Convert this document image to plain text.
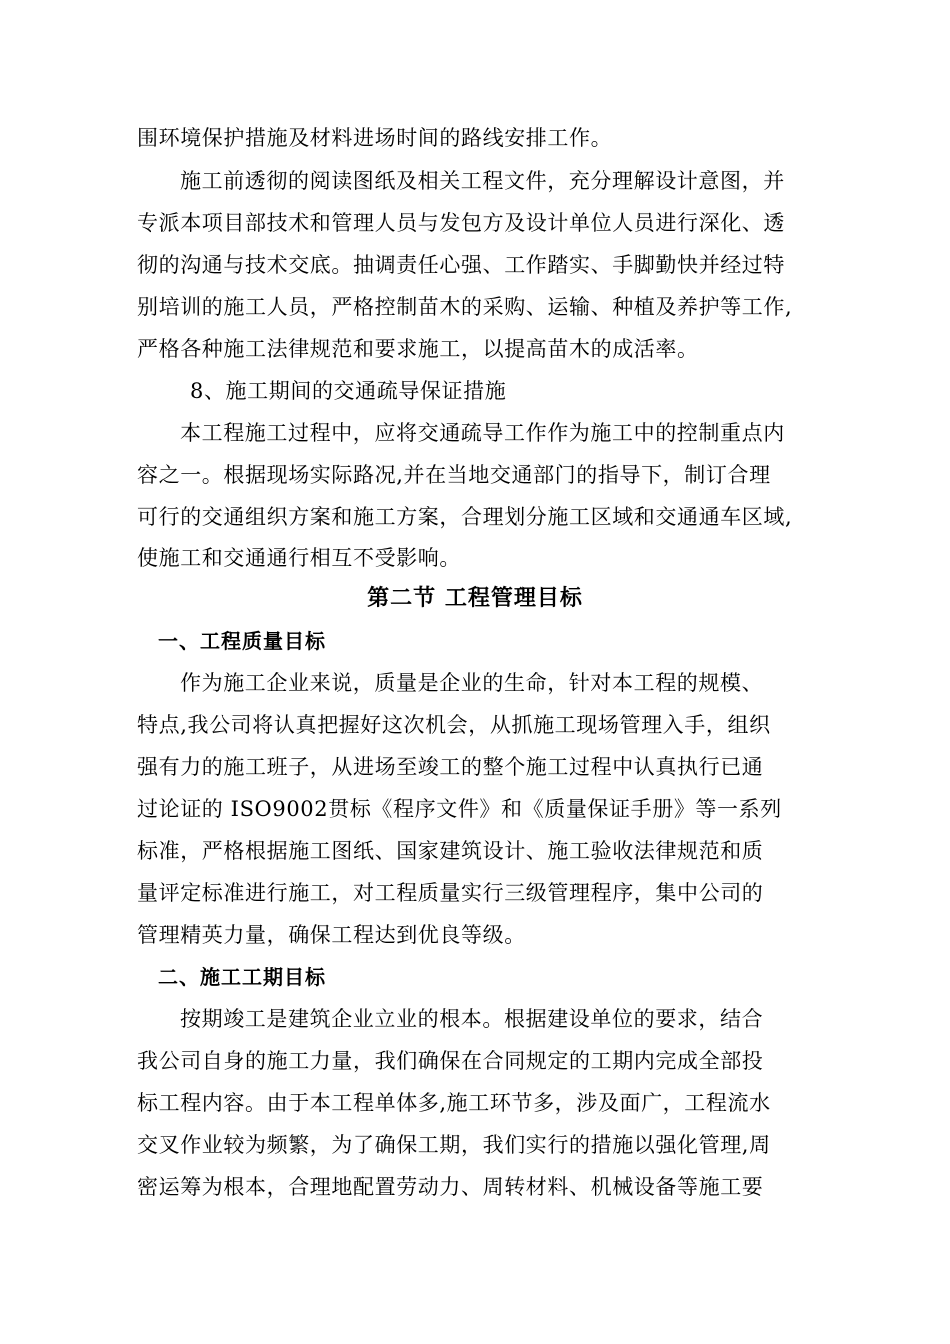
围环境保护措施及材料进场时间的路线安排工作。
施工前透彻的阅读图纸及相关工程文件，充分理解设计意图，并
专派本项目部技术和管理人员与发包方及设计单位人员进行深化、透
彻的沟通与技术交底。抽调责任心强、工作踏实、手脚勤快并经过特
别培训的施工人员，严格控制苗木的采购、运输、种植及养护等工作,
严格各种施工法律规范和要求施工，以提高苗木的成活率。
8、施工期间的交通疏导保证措施
本工程施工过程中，应将交通疏导工作作为施工中的控制重点内
容之一。根据现场实际路况,并在当地交通部门的指导下，制订合理
可行的交通组织方案和施工方案，合理划分施工区域和交通通车区域,
使施工和交通通行相互不受影响。
第二节 工程管理目标
一、工程质量目标
作为施工企业来说，质量是企业的生命，针对本工程的规模、
特点,我公司将认真把握好这次机会，从抓施工现场管理入手，组织
强有力的施工班子，从进场至竣工的整个施工过程中认真执行已通
过论证的 ISO9002贯标《程序文件》和《质量保证手册》等一系列
标准，严格根据施工图纸、国家建筑设计、施工验收法律规范和质
量评定标准进行施工，对工程质量实行三级管理程序，集中公司的
管理精英力量，确保工程达到优良等级。
二、施工工期目标
按期竣工是建筑企业立业的根本。根据建设单位的要求，结合
我公司自身的施工力量，我们确保在合同规定的工期内完成全部投
标工程内容。由于本工程单体多,施工环节多，涉及面广，工程流水
交叉作业较为频繁，为了确保工期，我们实行的措施以强化管理,周
密运筹为根本，合理地配置劳动力、周转材料、机械设备等施工要
